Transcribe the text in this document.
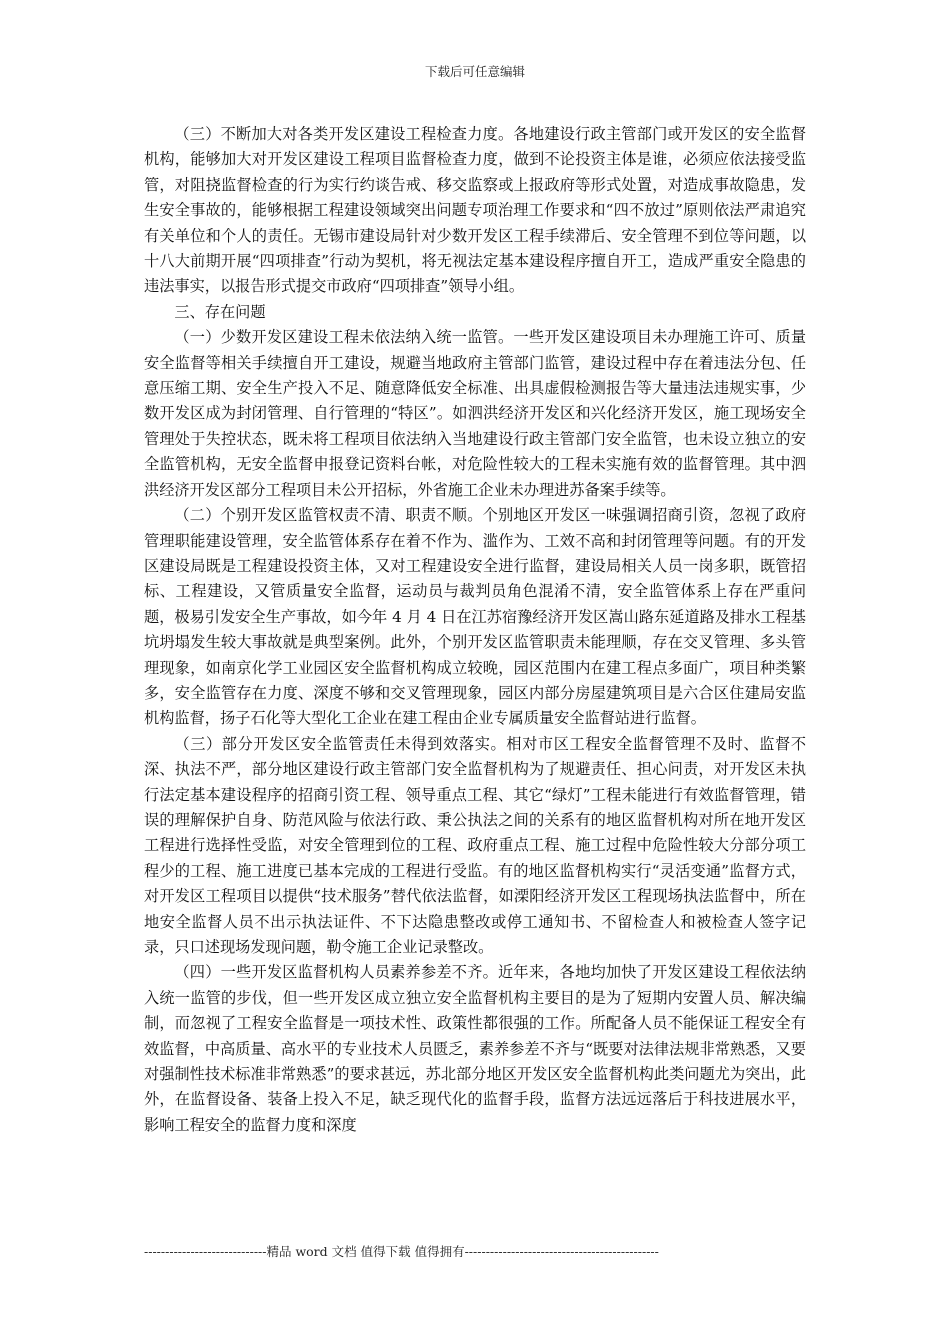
下载后可任意编辑

（三）不断加大对各类开发区建设工程检查力度。各地建设行政主管部门或开发区的安全监督机构，能够加大对开发区建设工程项目监督检查力度，做到不论投资主体是谁，必须应依法接受监管，对阻挠监督检查的行为实行约谈告戒、移交监察或上报政府等形式处置，对造成事故隐患，发生安全事故的，能够根据工程建设领域突出问题专项治理工作要求和“四不放过”原则依法严肃追究有关单位和个人的责任。无锡市建设局针对少数开发区工程手续滞后、安全管理不到位等问题，以十八大前期开展“四项排查”行动为契机，将无视法定基本建设程序擅自开工，造成严重安全隐患的违法事实，以报告形式提交市政府“四项排查”领导小组。

三、存在问题

（一）少数开发区建设工程未依法纳入统一监管。一些开发区建设项目未办理施工许可、质量安全监督等相关手续擅自开工建设，规避当地政府主管部门监管，建设过程中存在着违法分包、任意压缩工期、安全生产投入不足、随意降低安全标准、出具虚假检测报告等大量违法违规实事，少数开发区成为封闭管理、自行管理的“特区”。如泗洪经济开发区和兴化经济开发区，施工现场安全管理处于失控状态，既未将工程项目依法纳入当地建设行政主管部门安全监管，也未设立独立的安全监管机构，无安全监督申报登记资料台帐，对危险性较大的工程未实施有效的监督管理。其中泗洪经济开发区部分工程项目未公开招标，外省施工企业未办理进苏备案手续等。

（二）个别开发区监管权责不清、职责不顺。个别地区开发区一味强调招商引资，忽视了政府管理职能建设管理，安全监管体系存在着不作为、滥作为、工效不高和封闭管理等问题。有的开发区建设局既是工程建设投资主体，又对工程建设安全进行监督，建设局相关人员一岗多职，既管招标、工程建设，又管质量安全监督，运动员与裁判员角色混淆不清，安全监管体系上存在严重问题，极易引发安全生产事故，如今年 4 月 4 日在江苏宿豫经济开发区嵩山路东延道路及排水工程基坑坍塌发生较大事故就是典型案例。此外，个别开发区监管职责未能理顺，存在交叉管理、多头管理现象，如南京化学工业园区安全监督机构成立较晚，园区范围内在建工程点多面广，项目种类繁多，安全监管存在力度、深度不够和交叉管理现象，园区内部分房屋建筑项目是六合区住建局安监机构监督，扬子石化等大型化工企业在建工程由企业专属质量安全监督站进行监督。

（三）部分开发区安全监管责任未得到效落实。相对市区工程安全监督管理不及时、监督不深、执法不严，部分地区建设行政主管部门安全监督机构为了规避责任、担心问责，对开发区未执行法定基本建设程序的招商引资工程、领导重点工程、其它“绿灯”工程未能进行有效监督管理，错误的理解保护自身、防范风险与依法行政、秉公执法之间的关系有的地区监督机构对所在地开发区工程进行选择性受监，对安全管理到位的工程、政府重点工程、施工过程中危险性较大分部分项工程少的工程、施工进度已基本完成的工程进行受监。有的地区监督机构实行“灵活变通”监督方式，对开发区工程项目以提供“技术服务”替代依法监督，如溧阳经济开发区工程现场执法监督中，所在地安全监督人员不出示执法证件、不下达隐患整改或停工通知书、不留检查人和被检查人签字记录，只口述现场发现问题，勒令施工企业记录整改。

（四）一些开发区监督机构人员素养参差不齐。近年来，各地均加快了开发区建设工程依法纳入统一监管的步伐，但一些开发区成立独立安全监督机构主要目的是为了短期内安置人员、解决编制，而忽视了工程安全监督是一项技术性、政策性都很强的工作。所配备人员不能保证工程安全有效监督，中高质量、高水平的专业技术人员匮乏，素养参差不齐与“既要对法律法规非常熟悉，又要对强制性技术标准非常熟悉”的要求甚远，苏北部分地区开发区安全监督机构此类问题尤为突出，此外，在监督设备、装备上投入不足，缺乏现代化的监督手段，监督方法远远落后于科技进展水平，影响工程安全的监督力度和深度

-----------------------------精品 word 文档 值得下载 值得拥有----------------------------------------------
